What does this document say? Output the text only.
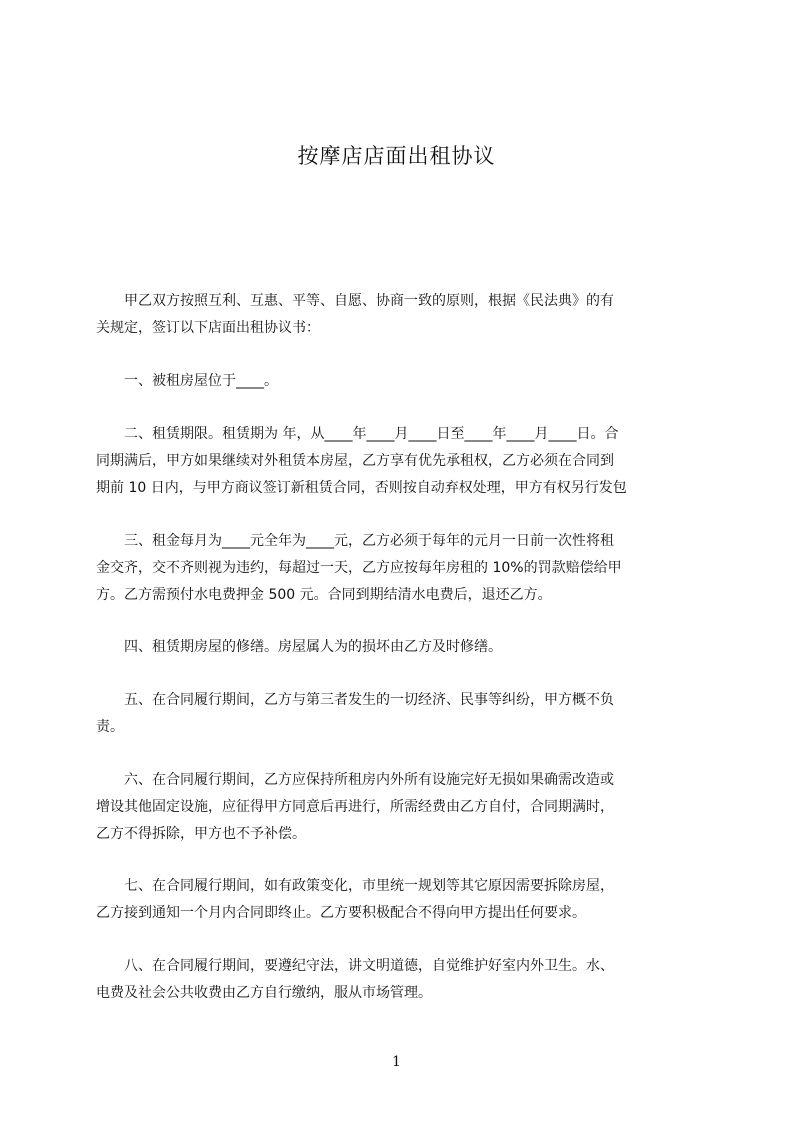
按摩店店面出租协议

　　甲乙双方按照互利、互惠、平等、自愿、协商一致的原则，根据《民法典》的有
关规定，签订以下店面出租协议书：

　　一、被租房屋位于____。

　　二、租赁期限。租赁期为 年，从____年____月____日至____年____月____日。合
同期满后，甲方如果继续对外租赁本房屋，乙方享有优先承租权，乙方必须在合同到
期前 10 日内，与甲方商议签订新租赁合同，否则按自动弃权处理，甲方有权另行发包

　　三、租金每月为____元全年为____元，乙方必须于每年的元月一日前一次性将租
金交齐，交不齐则视为违约，每超过一天，乙方应按每年房租的 10%的罚款赔偿给甲
方。乙方需预付水电费押金 500 元。合同到期结清水电费后，退还乙方。

　　四、租赁期房屋的修缮。房屋属人为的损坏由乙方及时修缮。

　　五、在合同履行期间，乙方与第三者发生的一切经济、民事等纠纷，甲方概不负
责。

　　六、在合同履行期间，乙方应保持所租房内外所有设施完好无损如果确需改造或
增设其他固定设施，应征得甲方同意后再进行，所需经费由乙方自付，合同期满时，
乙方不得拆除，甲方也不予补偿。

　　七、在合同履行期间，如有政策变化，市里统一规划等其它原因需要拆除房屋，
乙方接到通知一个月内合同即终止。乙方要积极配合不得向甲方提出任何要求。

　　八、在合同履行期间，要遵纪守法，讲文明道德，自觉维护好室内外卫生。水、
电费及社会公共收费由乙方自行缴纳，服从市场管理。

1
